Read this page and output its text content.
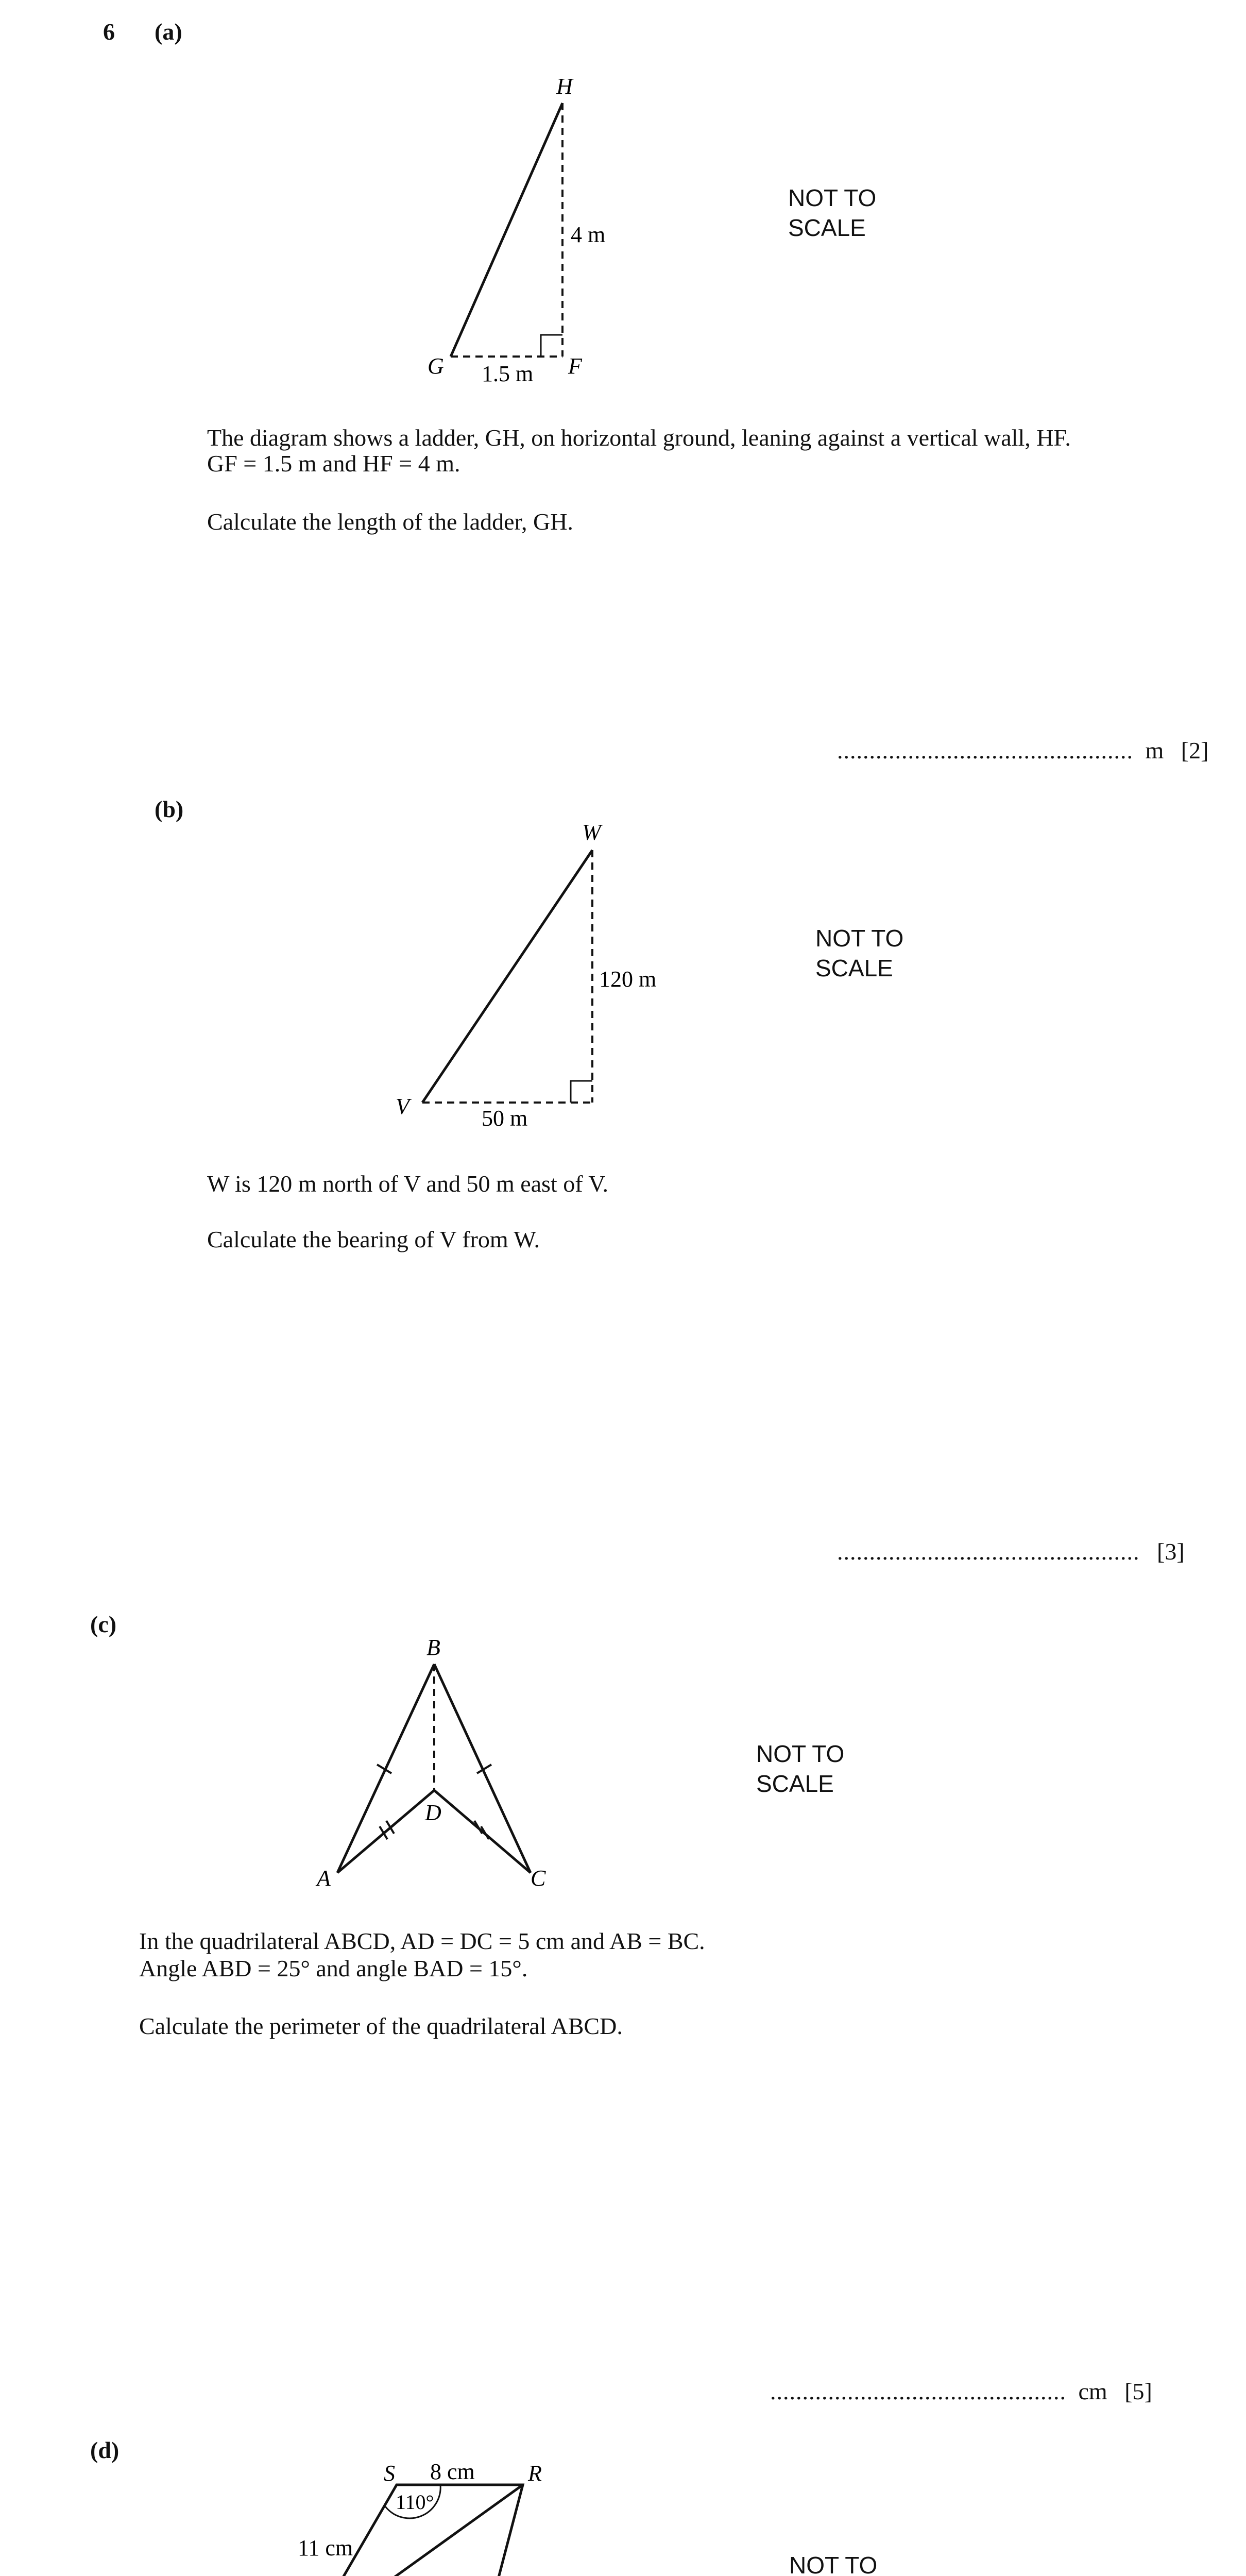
6 (a)
H
G	F
4 m
1.5 m
NOT TO
SCALE
The diagram shows a ladder, GH, on horizontal ground, leaning against a vertical wall, HF.
GF = 1.5 m and HF = 4 m.
Calculate the length of the ladder, GH.
.............................................. m [2]
(b)
W
V
120 m
50 m
NOT TO
SCALE
W is 120 m north of V and 50 m east of V.
Calculate the bearing of V from W.
............................................... [3]
(c)
B
A	C
D
NOT TO
SCALE
In the quadrilateral ABCD, AD = DC = 5 cm and AB = BC.
Angle ABD = 25° and angle BAD = 15°.
Calculate the perimeter of the quadrilateral ABCD.
.............................................. cm [5]
(d)
S	R
8 cm
11 cm
110°
NOT TO
